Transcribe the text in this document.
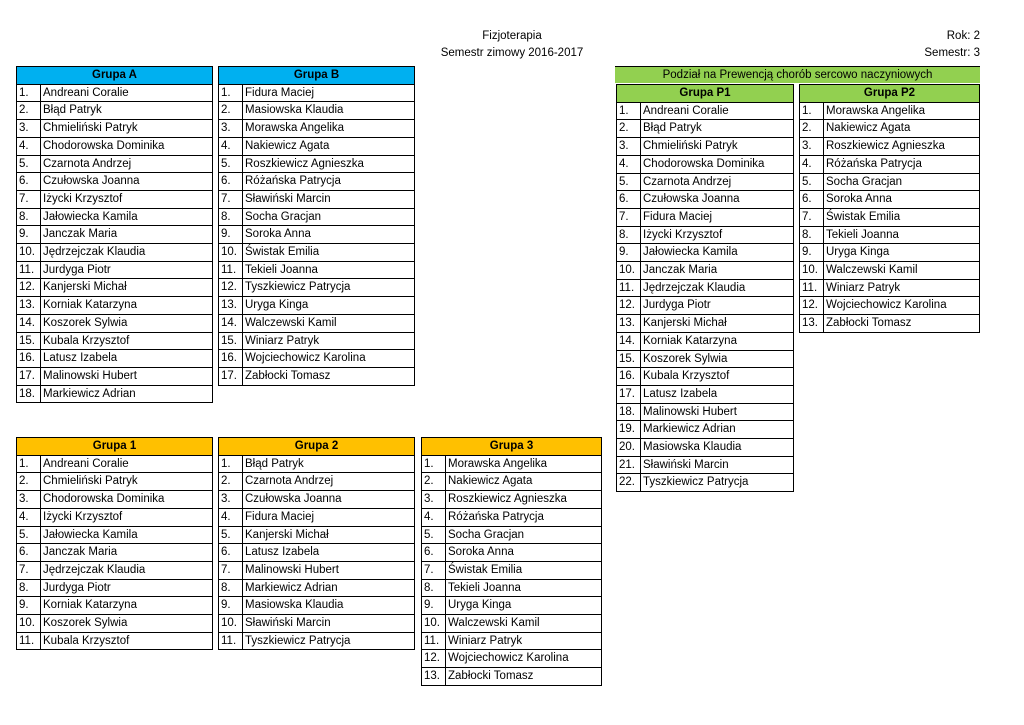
Fizjoterapia
Semestr zimowy 2016-2017
Rok: 2
Semestr: 3
Podział na Prewencją chorób sercowo naczyniowych
Grupa A	
1.	Andreani Coralie
2.	Błąd Patryk
3.	Chmieliński Patryk
4.	Chodorowska Dominika
5.	Czarnota Andrzej
6.	Czułowska Joanna
7.	Iżycki Krzysztof
8.	Jałowiecka Kamila
9.	Janczak Maria
10.	Jędrzejczak Klaudia
11.	Jurdyga Piotr
12.	Kanjerski Michał
13.	Korniak Katarzyna
14.	Koszorek Sylwia
15.	Kubala Krzysztof
16.	Latusz Izabela
17.	Malinowski Hubert
18.	Markiewicz Adrian
Grupa B	
1.	Fidura Maciej
2.	Masiowska Klaudia
3.	Morawska Angelika
4.	Nakiewicz Agata
5.	Roszkiewicz Agnieszka
6.	Różańska Patrycja
7.	Sławiński Marcin
8.	Socha Gracjan
9.	Soroka Anna
10.	Świstak Emilia
11.	Tekieli Joanna
12.	Tyszkiewicz Patrycja
13.	Uryga Kinga
14.	Walczewski Kamil
15.	Winiarz Patryk
16.	Wojciechowicz Karolina
17.	Zabłocki Tomasz
Grupa P1	
1.	Andreani Coralie
2.	Błąd Patryk
3.	Chmieliński Patryk
4.	Chodorowska Dominika
5.	Czarnota Andrzej
6.	Czułowska Joanna
7.	Fidura Maciej
8.	Iżycki Krzysztof
9.	Jałowiecka Kamila
10.	Janczak Maria
11.	Jędrzejczak Klaudia
12.	Jurdyga Piotr
13.	Kanjerski Michał
14.	Korniak Katarzyna
15.	Koszorek Sylwia
16.	Kubala Krzysztof
17.	Latusz Izabela
18.	Malinowski Hubert
19.	Markiewicz Adrian
20.	Masiowska Klaudia
21.	Sławiński Marcin
22.	Tyszkiewicz Patrycja
Grupa P2	
1.	Morawska Angelika
2.	Nakiewicz Agata
3.	Roszkiewicz Agnieszka
4.	Różańska Patrycja
5.	Socha Gracjan
6.	Soroka Anna
7.	Świstak Emilia
8.	Tekieli Joanna
9.	Uryga Kinga
10.	Walczewski Kamil
11.	Winiarz Patryk
12.	Wojciechowicz Karolina
13.	Zabłocki Tomasz
Grupa 1	
1.	Andreani Coralie
2.	Chmieliński Patryk
3.	Chodorowska Dominika
4.	Iżycki Krzysztof
5.	Jałowiecka Kamila
6.	Janczak Maria
7.	Jędrzejczak Klaudia
8.	Jurdyga Piotr
9.	Korniak Katarzyna
10.	Koszorek Sylwia
11.	Kubala Krzysztof
Grupa 2	
1.	Błąd Patryk
2.	Czarnota Andrzej
3.	Czułowska Joanna
4.	Fidura Maciej
5.	Kanjerski Michał
6.	Latusz Izabela
7.	Malinowski Hubert
8.	Markiewicz Adrian
9.	Masiowska Klaudia
10.	Sławiński Marcin
11.	Tyszkiewicz Patrycja
Grupa 3	
1.	Morawska Angelika
2.	Nakiewicz Agata
3.	Roszkiewicz Agnieszka
4.	Różańska Patrycja
5.	Socha Gracjan
6.	Soroka Anna
7.	Świstak Emilia
8.	Tekieli Joanna
9.	Uryga Kinga
10.	Walczewski Kamil
11.	Winiarz Patryk
12.	Wojciechowicz Karolina
13.	Zabłocki Tomasz
